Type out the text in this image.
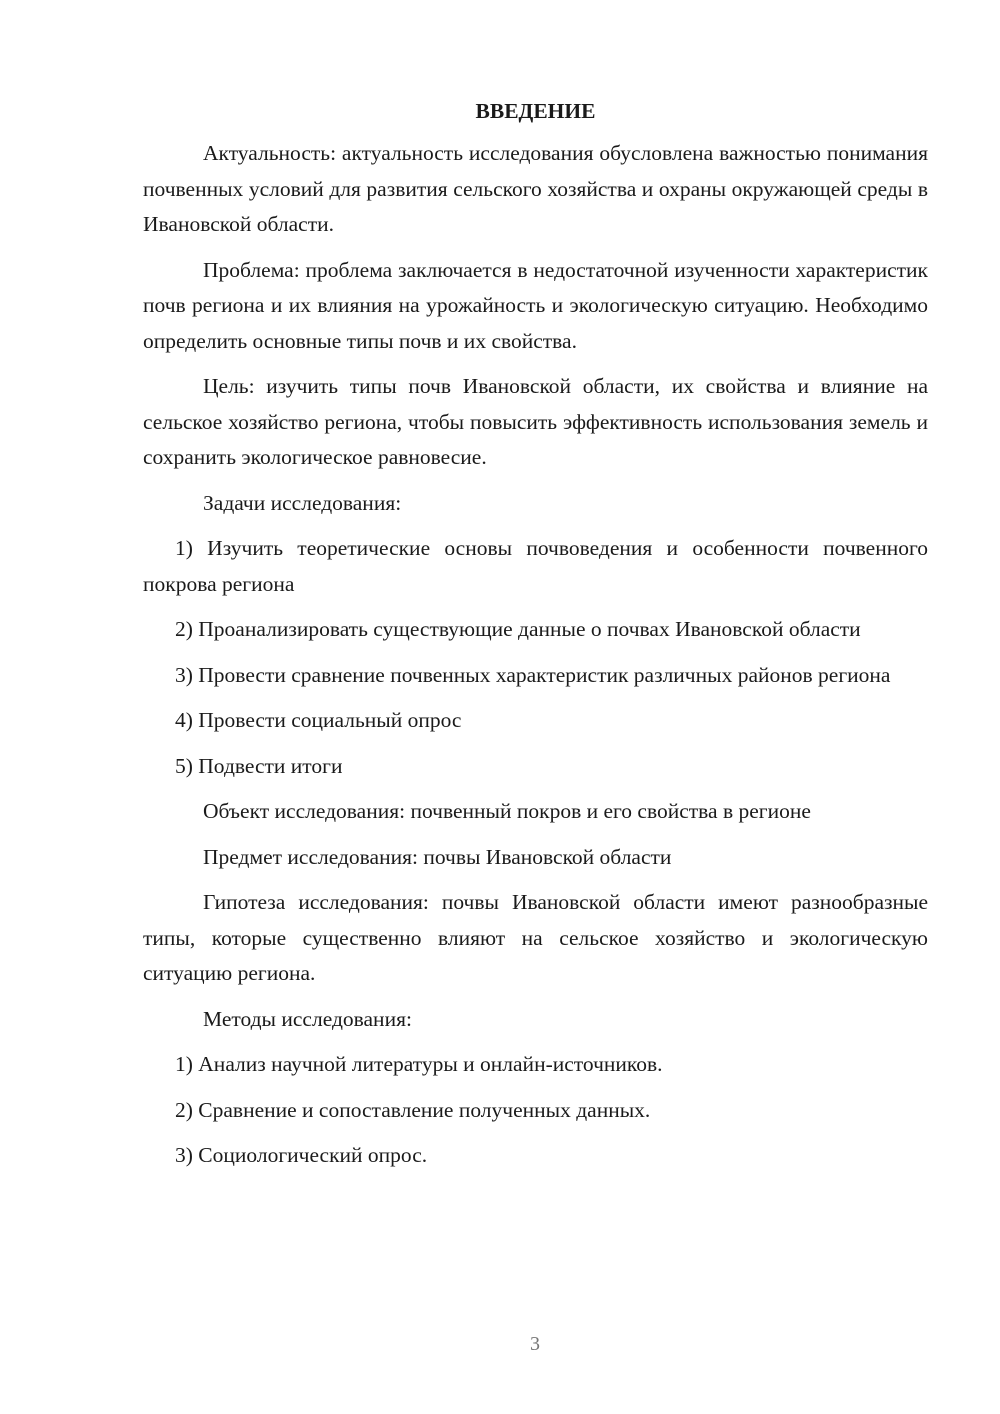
ВВЕДЕНИЕ

Актуальность: актуальность исследования обусловлена важностью понимания почвенных условий для развития сельского хозяйства и охраны окружающей среды в Ивановской области.

Проблема: проблема заключается в недостаточной изученности характеристик почв региона и их влияния на урожайность и экологическую ситуацию. Необходимо определить основные типы почв и их свойства.

Цель: изучить типы почв Ивановской области, их свойства и влияние на сельское хозяйство региона, чтобы повысить эффективность использования земель и сохранить экологическое равновесие.

Задачи исследования:

1) Изучить теоретические основы почвоведения и особенности почвенного покрова региона

2) Проанализировать существующие данные о почвах Ивановской области

3) Провести сравнение почвенных характеристик различных районов региона

4) Провести социальный опрос

5) Подвести итоги

Объект исследования: почвенный покров и его свойства в регионе

Предмет исследования: почвы Ивановской области

Гипотеза исследования: почвы Ивановской области имеют разнообразные типы, которые существенно влияют на сельское хозяйство и экологическую ситуацию региона.

Методы исследования:

1) Анализ научной литературы и онлайн-источников.

2) Сравнение и сопоставление полученных данных.

3) Социологический опрос.

3
